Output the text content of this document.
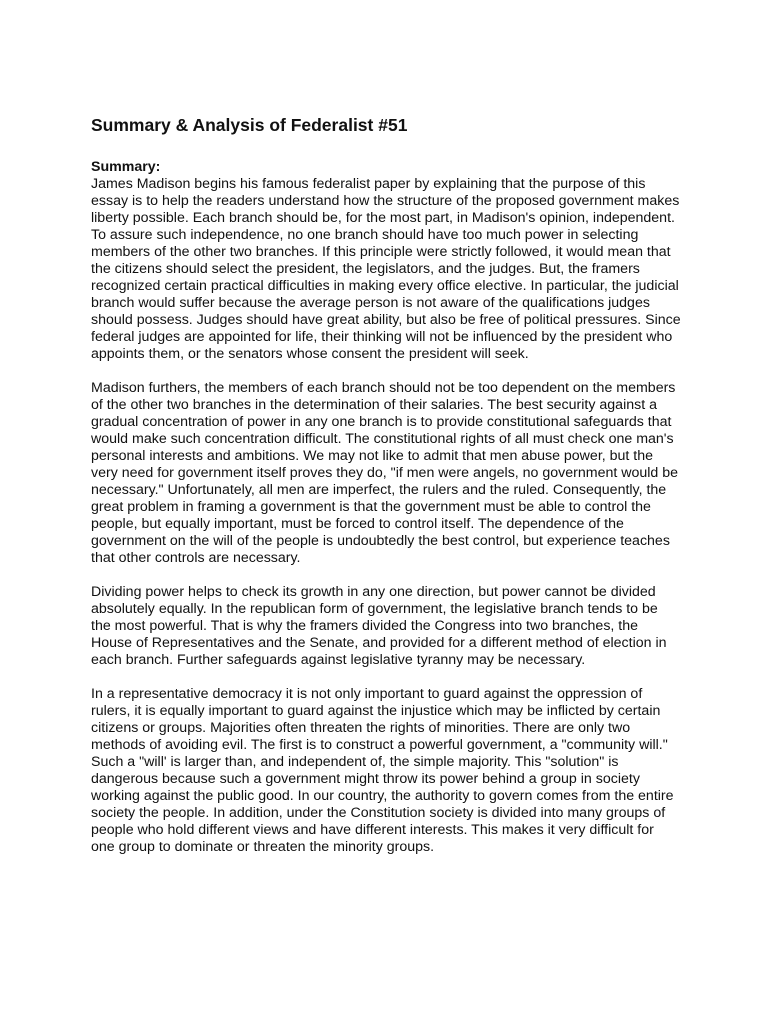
Summary & Analysis of Federalist #51

Summary:

James Madison begins his famous federalist paper by explaining that the purpose of this essay is to help the readers understand how the structure of the proposed government makes liberty possible. Each branch should be, for the most part, in Madison's opinion, independent. To assure such independence, no one branch should have too much power in selecting members of the other two branches. If this principle were strictly followed, it would mean that the citizens should select the president, the legislators, and the judges. But, the framers recognized certain practical difficulties in making every office elective. In particular, the judicial branch would suffer because the average person is not aware of the qualifications judges should possess. Judges should have great ability, but also be free of political pressures. Since federal judges are appointed for life, their thinking will not be influenced by the president who appoints them, or the senators whose consent the president will seek.

Madison furthers, the members of each branch should not be too dependent on the members of the other two branches in the determination of their salaries. The best security against a gradual concentration of power in any one branch is to provide constitutional safeguards that would make such concentration difficult. The constitutional rights of all must check one man's personal interests and ambitions. We may not like to admit that men abuse power, but the very need for government itself proves they do, "if men were angels, no government would be necessary." Unfortunately, all men are imperfect, the rulers and the ruled. Consequently, the great problem in framing a government is that the government must be able to control the people, but equally important, must be forced to control itself. The dependence of the government on the will of the people is undoubtedly the best control, but experience teaches that other controls are necessary.

Dividing power helps to check its growth in any one direction, but power cannot be divided absolutely equally. In the republican form of government, the legislative branch tends to be the most powerful. That is why the framers divided the Congress into two branches, the House of Representatives and the Senate, and provided for a different method of election in each branch. Further safeguards against legislative tyranny may be necessary.

In a representative democracy it is not only important to guard against the oppression of rulers, it is equally important to guard against the injustice which may be inflicted by certain citizens or groups. Majorities often threaten the rights of minorities. There are only two methods of avoiding evil. The first is to construct a powerful government, a "community will." Such a "will' is larger than, and independent of, the simple majority. This "solution" is dangerous because such a government might throw its power behind a group in society working against the public good. In our country, the authority to govern comes from the entire society the people. In addition, under the Constitution society is divided into many groups of people who hold different views and have different interests. This makes it very difficult for one group to dominate or threaten the minority groups.
